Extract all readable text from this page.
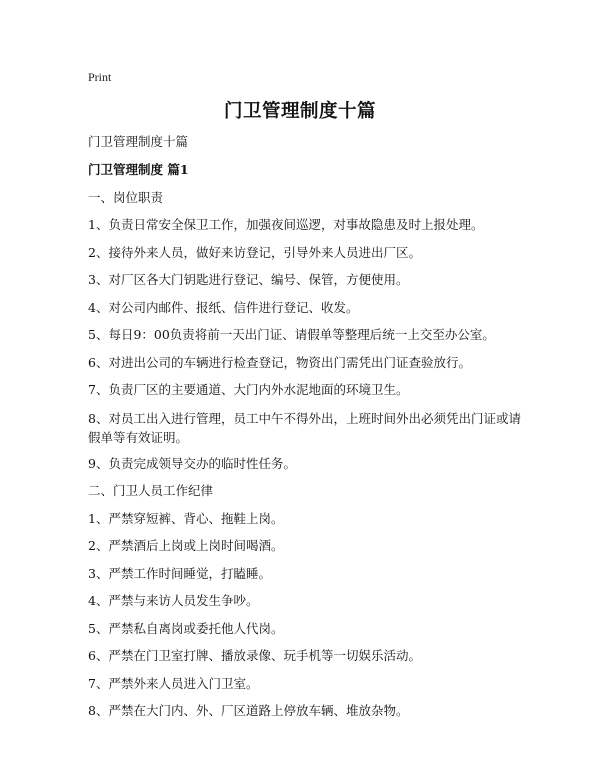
Print
门卫管理制度十篇

门卫管理制度十篇

门卫管理制度 篇1

一、岗位职责

1、负责日常安全保卫工作，加强夜间巡逻，对事故隐患及时上报处理。

2、接待外来人员，做好来访登记，引导外来人员进出厂区。

3、对厂区各大门钥匙进行登记、编号、保管，方便使用。

4、对公司内邮件、报纸、信件进行登记、收发。

5、每日9：00负责将前一天出门证、请假单等整理后统一上交至办公室。

6、对进出公司的车辆进行检查登记，物资出门需凭出门证查验放行。

7、负责厂区的主要通道、大门内外水泥地面的环境卫生。

8、对员工出入进行管理，员工中午不得外出，上班时间外出必须凭出门证或请假单等有效证明。

9、负责完成领导交办的临时性任务。

二、门卫人员工作纪律

1、严禁穿短裤、背心、拖鞋上岗。

2、严禁酒后上岗或上岗时间喝酒。

3、严禁工作时间睡觉，打瞌睡。

4、严禁与来访人员发生争吵。

5、严禁私自离岗或委托他人代岗。

6、严禁在门卫室打牌、播放录像、玩手机等一切娱乐活动。

7、严禁外来人员进入门卫室。

8、严禁在大门内、外、厂区道路上停放车辆、堆放杂物。
